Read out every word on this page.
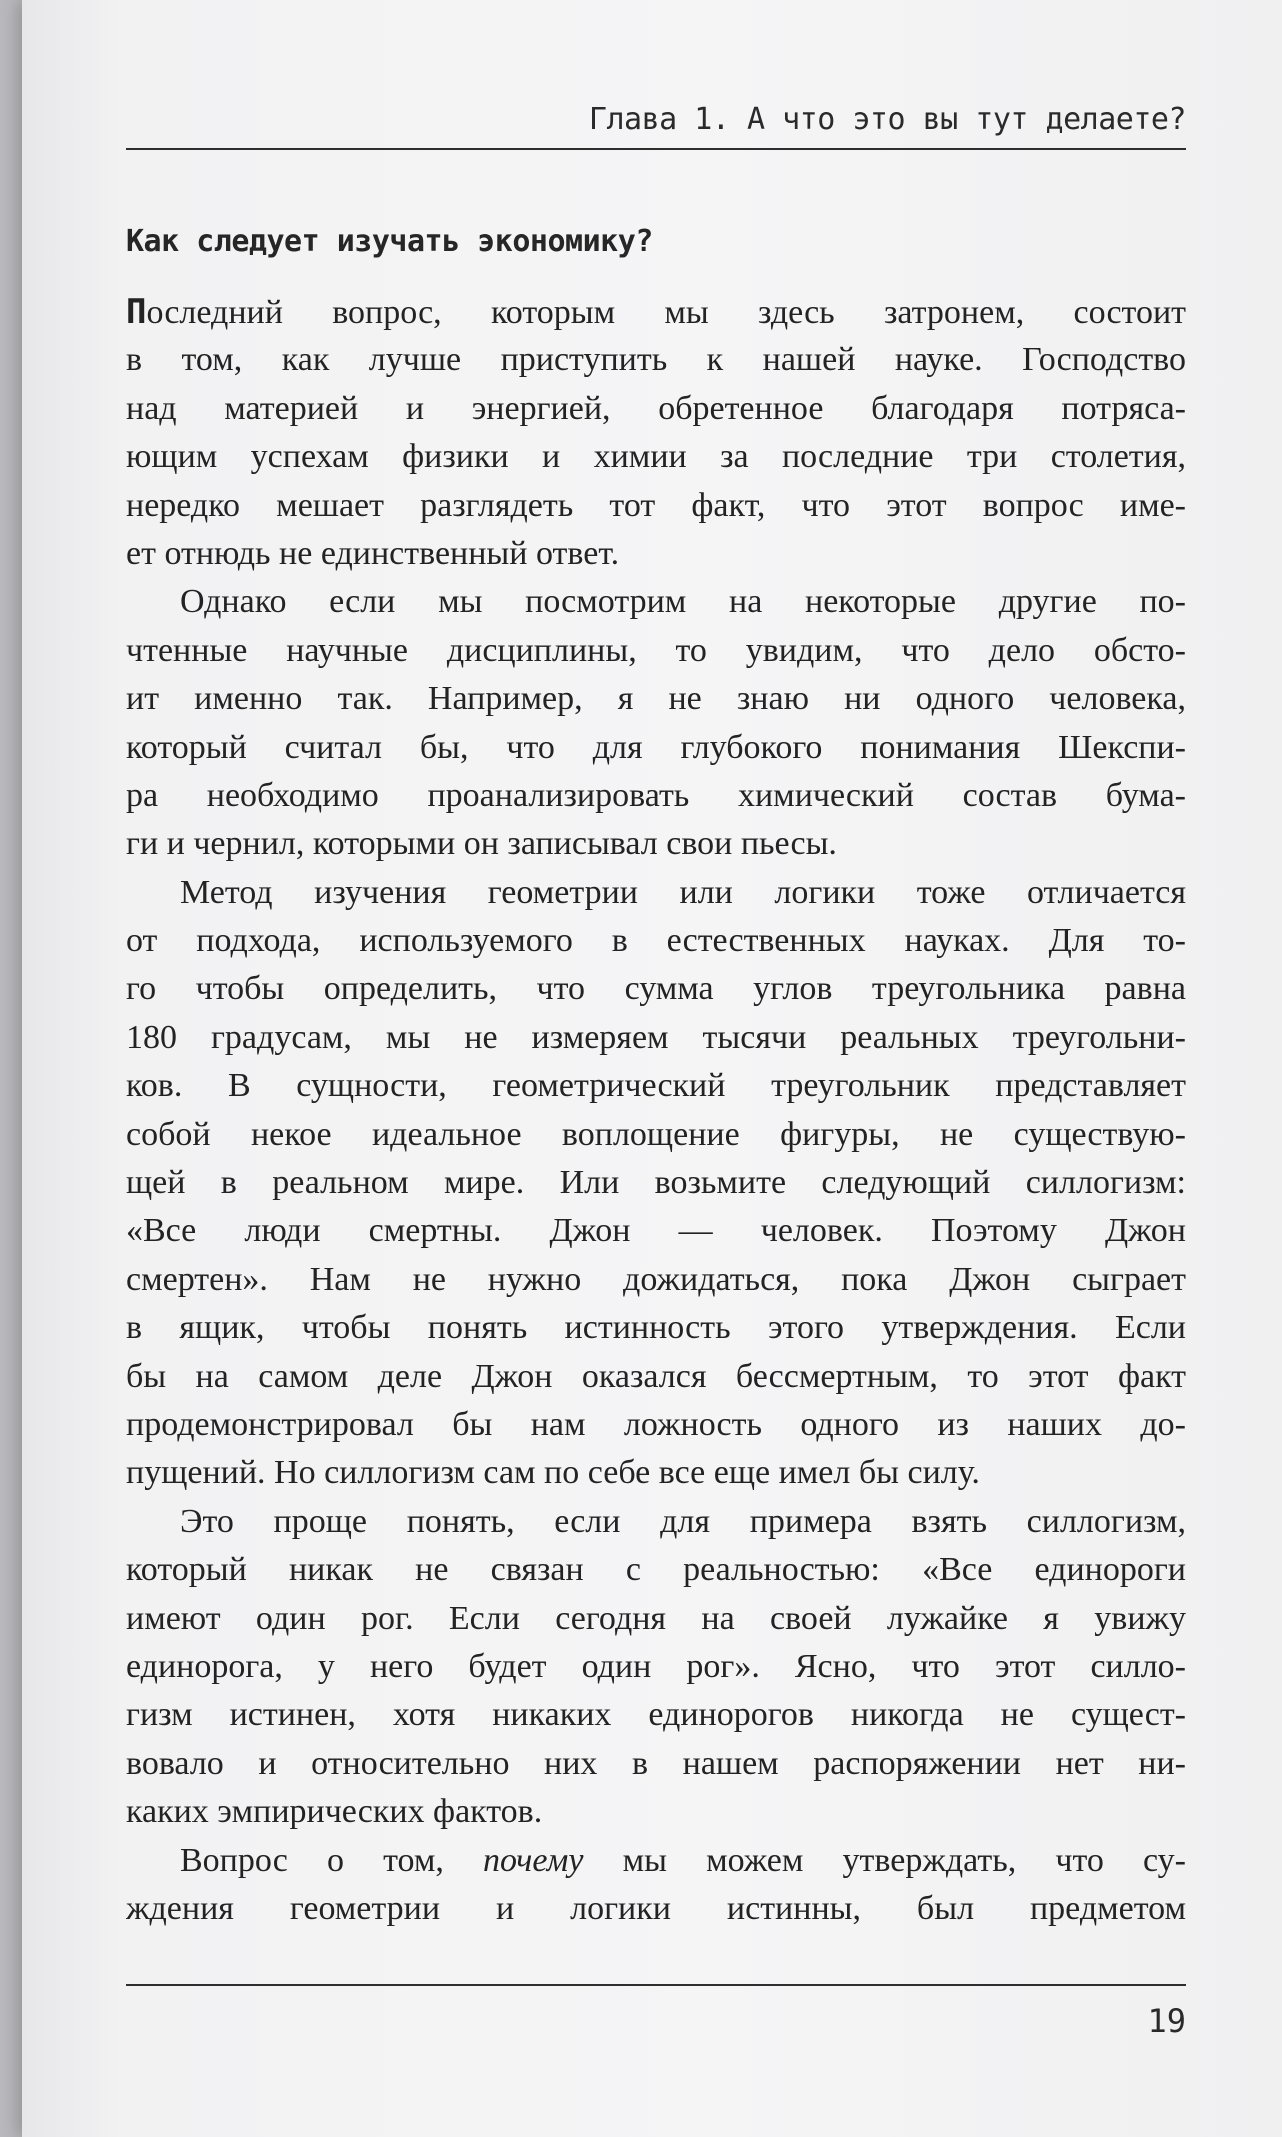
Глава 1. А что это вы тут делаете?
Как следует изучать экономику?
Последний вопрос, которым мы здесь затронем, состоит
в том, как лучше приступить к нашей науке. Господство
над материей и энергией, обретенное благодаря потряса-
ющим успехам физики и химии за последние три столетия,
нередко мешает разглядеть тот факт, что этот вопрос име-
ет отнюдь не единственный ответ.
Однако если мы посмотрим на некоторые другие по-
чтенные научные дисциплины, то увидим, что дело обсто-
ит именно так. Например, я не знаю ни одного человека,
который считал бы, что для глубокого понимания Шекспи-
ра необходимо проанализировать химический состав бума-
ги и чернил, которыми он записывал свои пьесы.
Метод изучения геометрии или логики тоже отличается
от подхода, используемого в естественных науках. Для то-
го чтобы определить, что сумма углов треугольника равна
180 градусам, мы не измеряем тысячи реальных треугольни-
ков. В сущности, геометрический треугольник представляет
собой некое идеальное воплощение фигуры, не существую-
щей в реальном мире. Или возьмите следующий силлогизм:
«Все люди смертны. Джон — человек. Поэтому Джон
смертен». Нам не нужно дожидаться, пока Джон сыграет
в ящик, чтобы понять истинность этого утверждения. Если
бы на самом деле Джон оказался бессмертным, то этот факт
продемонстрировал бы нам ложность одного из наших до-
пущений. Но силлогизм сам по себе все еще имел бы силу.
Это проще понять, если для примера взять силлогизм,
который никак не связан с реальностью: «Все единороги
имеют один рог. Если сегодня на своей лужайке я увижу
единорога, у него будет один рог». Ясно, что этот силло-
гизм истинен, хотя никаких единорогов никогда не сущест-
вовало и относительно них в нашем распоряжении нет ни-
каких эмпирических фактов.
Вопрос о том, почему мы можем утверждать, что су-
ждения геометрии и логики истинны, был предметом
19
